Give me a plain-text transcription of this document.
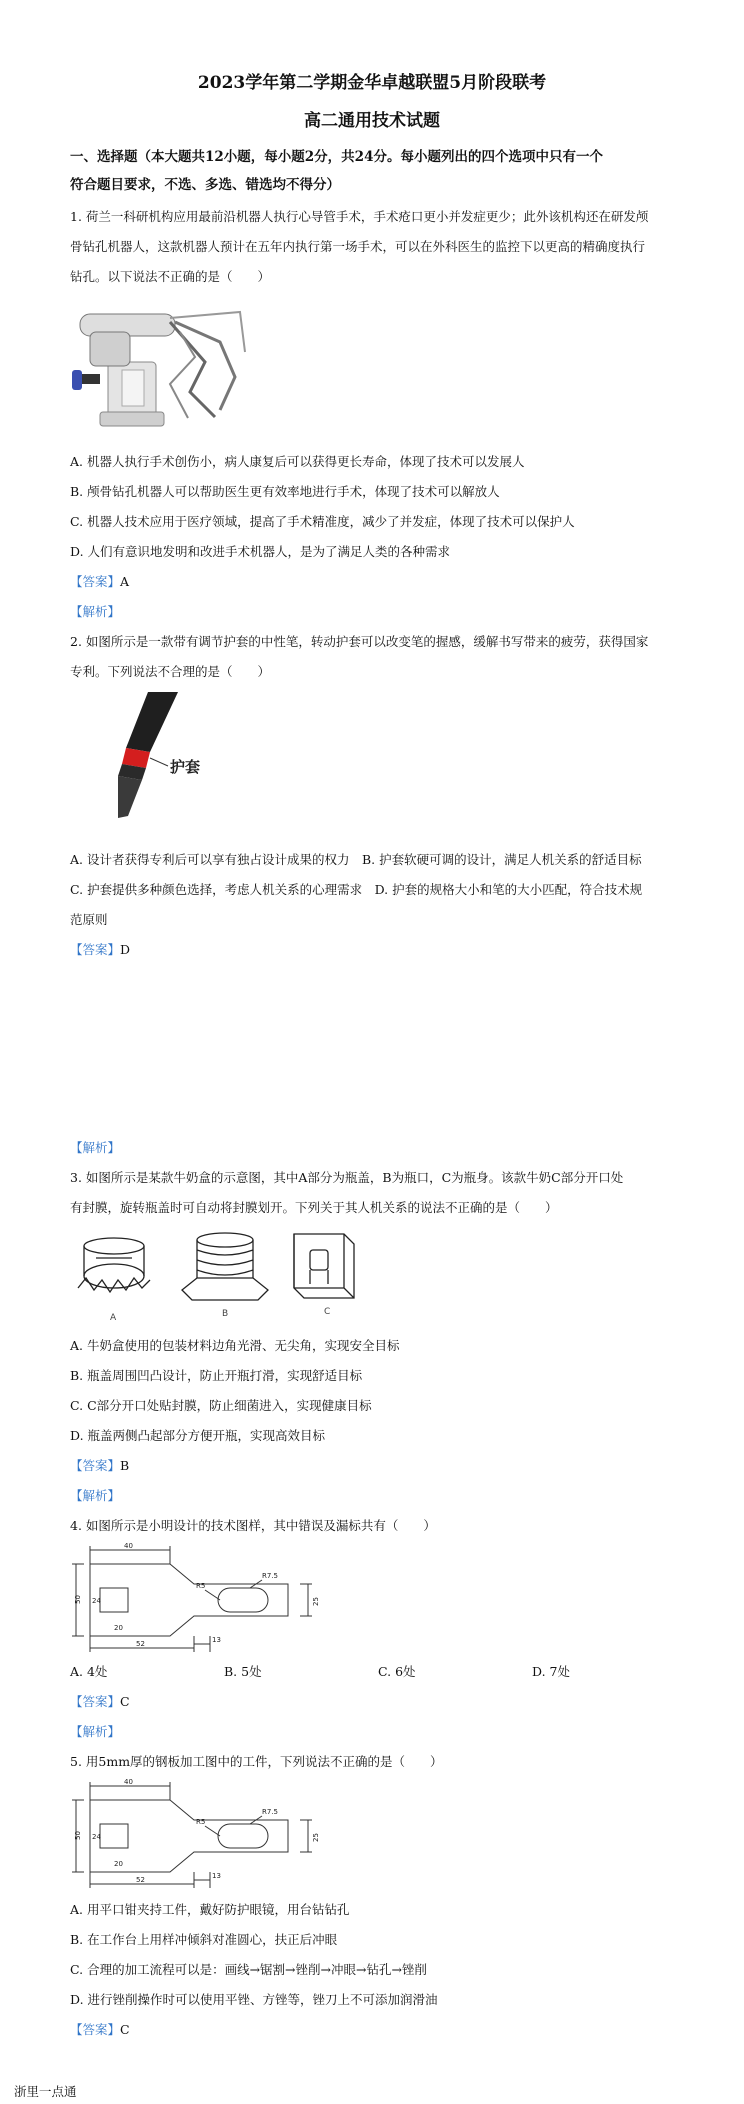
2023学年第二学期金华卓越联盟5月阶段联考
高二通用技术试题
一、选择题（本大题共12小题，每小题2分，共24分。每小题列出的四个选项中只有一个
符合题目要求，不选、多选、错选均不得分）
1. 荷兰一科研机构应用最前沿机器人执行心导管手术，手术疮口更小并发症更少；此外该机构还在研发颅
骨钻孔机器人，这款机器人预计在五年内执行第一场手术，可以在外科医生的监控下以更高的精确度执行
钻孔。以下说法不正确的是（　　）
A. 机器人执行手术创伤小，病人康复后可以获得更长寿命，体现了技术可以发展人
B. 颅骨钻孔机器人可以帮助医生更有效率地进行手术，体现了技术可以解放人
C. 机器人技术应用于医疗领域，提高了手术精准度，减少了并发症，体现了技术可以保护人
D. 人们有意识地发明和改进手术机器人，是为了满足人类的各种需求
【答案】A
【解析】
2. 如图所示是一款带有调节护套的中性笔，转动护套可以改变笔的握感，缓解书写带来的疲劳，获得国家
专利。下列说法不合理的是（　　）
护套
A. 设计者获得专利后可以享有独占设计成果的权力　B. 护套软硬可调的设计，满足人机关系的舒适目标
C. 护套提供多种颜色选择，考虑人机关系的心理需求　D. 护套的规格大小和笔的大小匹配，符合技术规
范原则
【答案】D
【解析】
3. 如图所示是某款牛奶盒的示意图，其中A部分为瓶盖，B为瓶口，C为瓶身。该款牛奶C部分开口处
有封膜，旋转瓶盖时可自动将封膜划开。下列关于其人机关系的说法不正确的是（　　）
A	B	C
A. 牛奶盒使用的包装材料边角光滑、无尖角，实现安全目标
B. 瓶盖周围凹凸设计，防止开瓶打滑，实现舒适目标
C. C部分开口处贴封膜，防止细菌进入，实现健康目标
D. 瓶盖两侧凸起部分方便开瓶，实现高效目标
【答案】B
【解析】
4. 如图所示是小明设计的技术图样，其中错误及漏标共有（　　）
40
50 24
20
R5
R7.5
25
52	13
A. 4处	B. 5处	C. 6处	D. 7处
【答案】C
【解析】
5. 用5mm厚的钢板加工图中的工件，下列说法不正确的是（　　）
40
50 24
20
R5
R7.5
25
52	13
A. 用平口钳夹持工件，戴好防护眼镜，用台钻钻孔
B. 在工作台上用样冲倾斜对准圆心，扶正后冲眼
C. 合理的加工流程可以是：画线→锯割→锉削→冲眼→钻孔→锉削
D. 进行锉削操作时可以使用平锉、方锉等，锉刀上不可添加润滑油
【答案】C
浙里一点通
